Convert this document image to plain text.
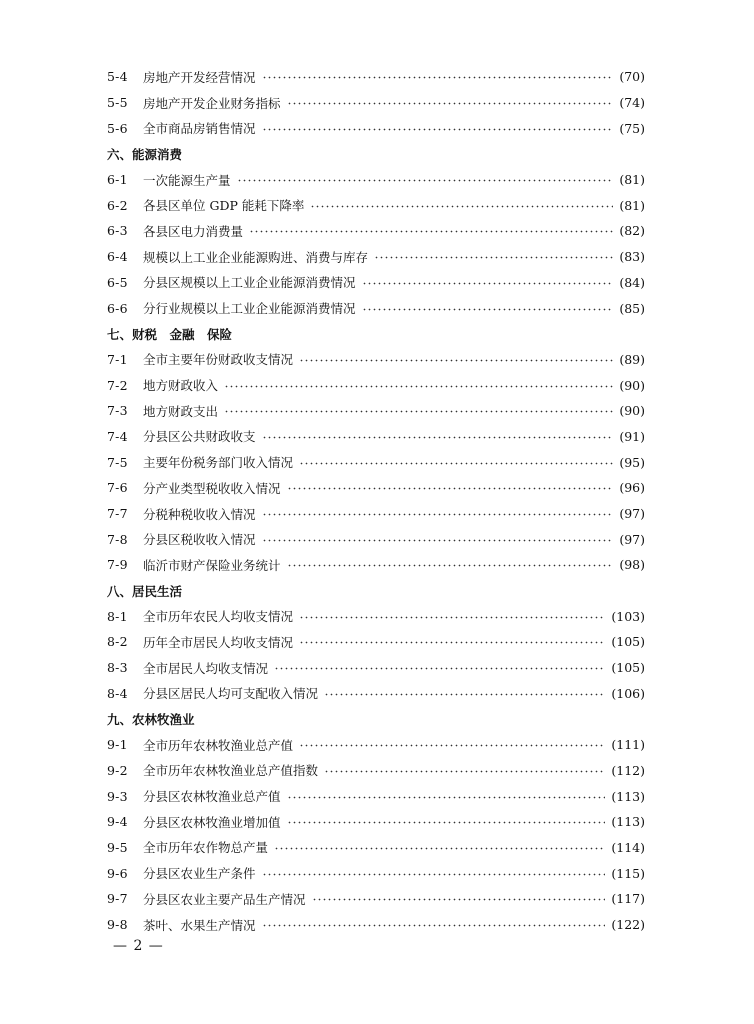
5-4	房地产开发经营情况	(70)
5-5	房地产开发企业财务指标	(74)
5-6	全市商品房销售情况	(75)
六、能源消费
6-1	一次能源生产量	(81)
6-2	各县区单位 GDP 能耗下降率	(81)
6-3	各县区电力消费量	(82)
6-4	规模以上工业企业能源购进、消费与库存	(83)
6-5	分县区规模以上工业企业能源消费情况	(84)
6-6	分行业规模以上工业企业能源消费情况	(85)
七、财税　金融　保险
7-1	全市主要年份财政收支情况	(89)
7-2	地方财政收入	(90)
7-3	地方财政支出	(90)
7-4	分县区公共财政收支	(91)
7-5	主要年份税务部门收入情况	(95)
7-6	分产业类型税收收入情况	(96)
7-7	分税种税收收入情况	(97)
7-8	分县区税收收入情况	(97)
7-9	临沂市财产保险业务统计	(98)
八、居民生活
8-1	全市历年农民人均收支情况	(103)
8-2	历年全市居民人均收支情况	(105)
8-3	全市居民人均收支情况	(105)
8-4	分县区居民人均可支配收入情况	(106)
九、农林牧渔业
9-1	全市历年农林牧渔业总产值	(111)
9-2	全市历年农林牧渔业总产值指数	(112)
9-3	分县区农林牧渔业总产值	(113)
9-4	分县区农林牧渔业增加值	(113)
9-5	全市历年农作物总产量	(114)
9-6	分县区农业生产条件	(115)
9-7	分县区农业主要产品生产情况	(117)
9-8	茶叶、水果生产情况	(122)
— 2 —
